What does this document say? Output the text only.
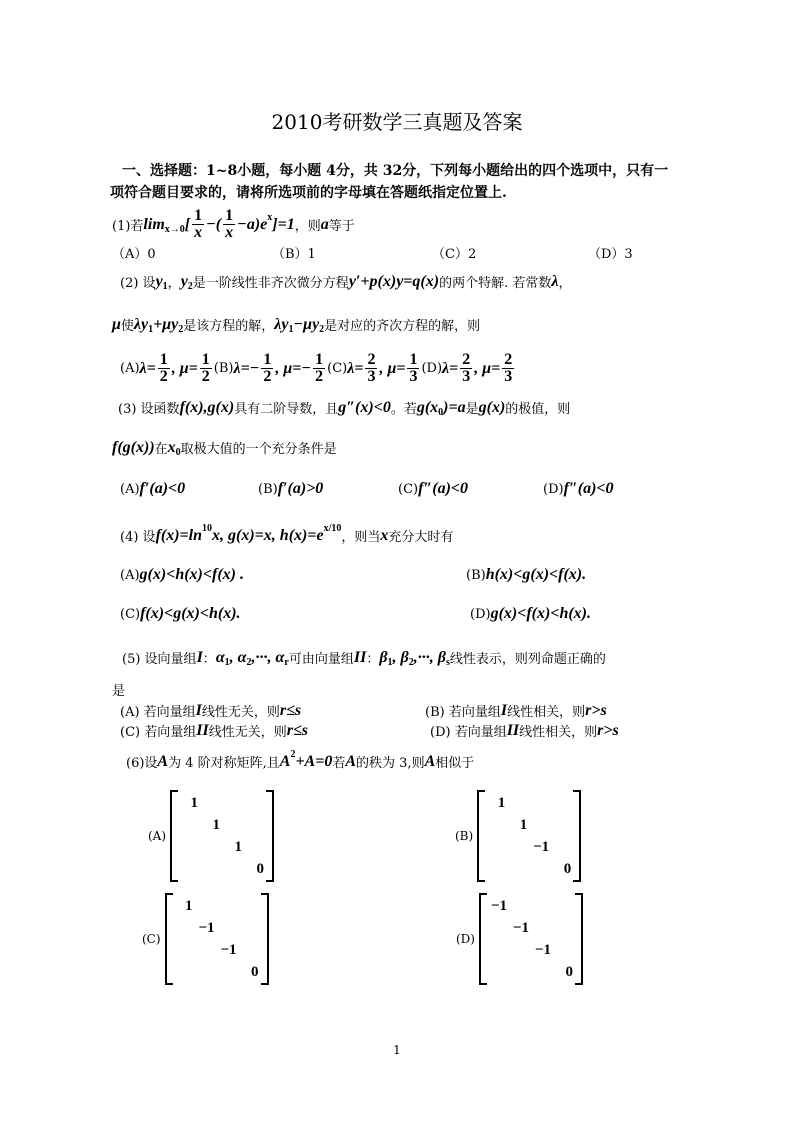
2010考研数学三真题及答案
一、选择题：1~8小题，每小题 4分，共 32分，下列每小题给出的四个选项中，只有一
项符合题目要求的，请将所选项前的字母填在答题纸指定位置上.
(1)若 lim x→0 [ $\frac{1}{x}$ −( $\frac{1}{x} -a)e$ x ]=1 ，则 a 等于
（A）0	（B）1	（C）2	（D）3
(2) 设 y 1 ， y 2 是一阶线性非齐次微分方程 y′+p(x)y=q(x) 的两个特解. 若常数 λ ，
μ 使 λy 1 +μy 2 是该方程的解， λy 1 −μy 2 是对应的齐次方程的解，则
(A) $\lambda= \frac{1}{2}$ , $\mu= \frac{1}{2} (B)$ $\lambda=- \frac{1}{2}$ , $\mu=- \frac{1}{2} (C)$ $\lambda= \frac{2}{3}$ , $\mu= \frac{1}{3} (D)$ $\lambda= \frac{2}{3}$ , $\mu= \frac{2}{3}$
(3) 设函数 f(x),g(x) 具有二阶导数，且 g″(x)<0 。若 g(x 0 )=a 是 g(x) 的极值，则
f(g(x)) 在 x 0 取极大值的一个充分条件是
(A) f′(a)<0	(B) f′(a)>0	(C) f″(a)<0	(D) f″(a)<0
(4) 设 f(x)=ln 10 x, g(x)=x, h(x)=e x/10
，则当 x 充分大时有
(A) g(x)<h(x)<f(x) .	(B) h(x)<g(x)<f(x).
(C) f(x)<g(x)<h(x).	(D) g(x)<f(x)<h(x).
(5) 设向量组 I ： α 1 , α 2 ,···, α r 可由向量组 II ： β 1 , β 2 ,···, β s 线性表示，则列命题正确的
是
(A) 若向量组 I 线性无关，则 r≤s	(B) 若向量组 I 线性相关，则 r>s
(C) 若向量组 II 线性无关，则 r≤s	(D) 若向量组 II 线性相关，则 r>s
(6)设 A 为 4 阶对称矩阵,且 A 2 +A=0 若 A 的秩为 3,则 A 相似于
(A)
1
1
1
0
(B)
1
1
−1
0
(C)
1
−1
−1
0
(D)
−1
−1
−1
0
1
